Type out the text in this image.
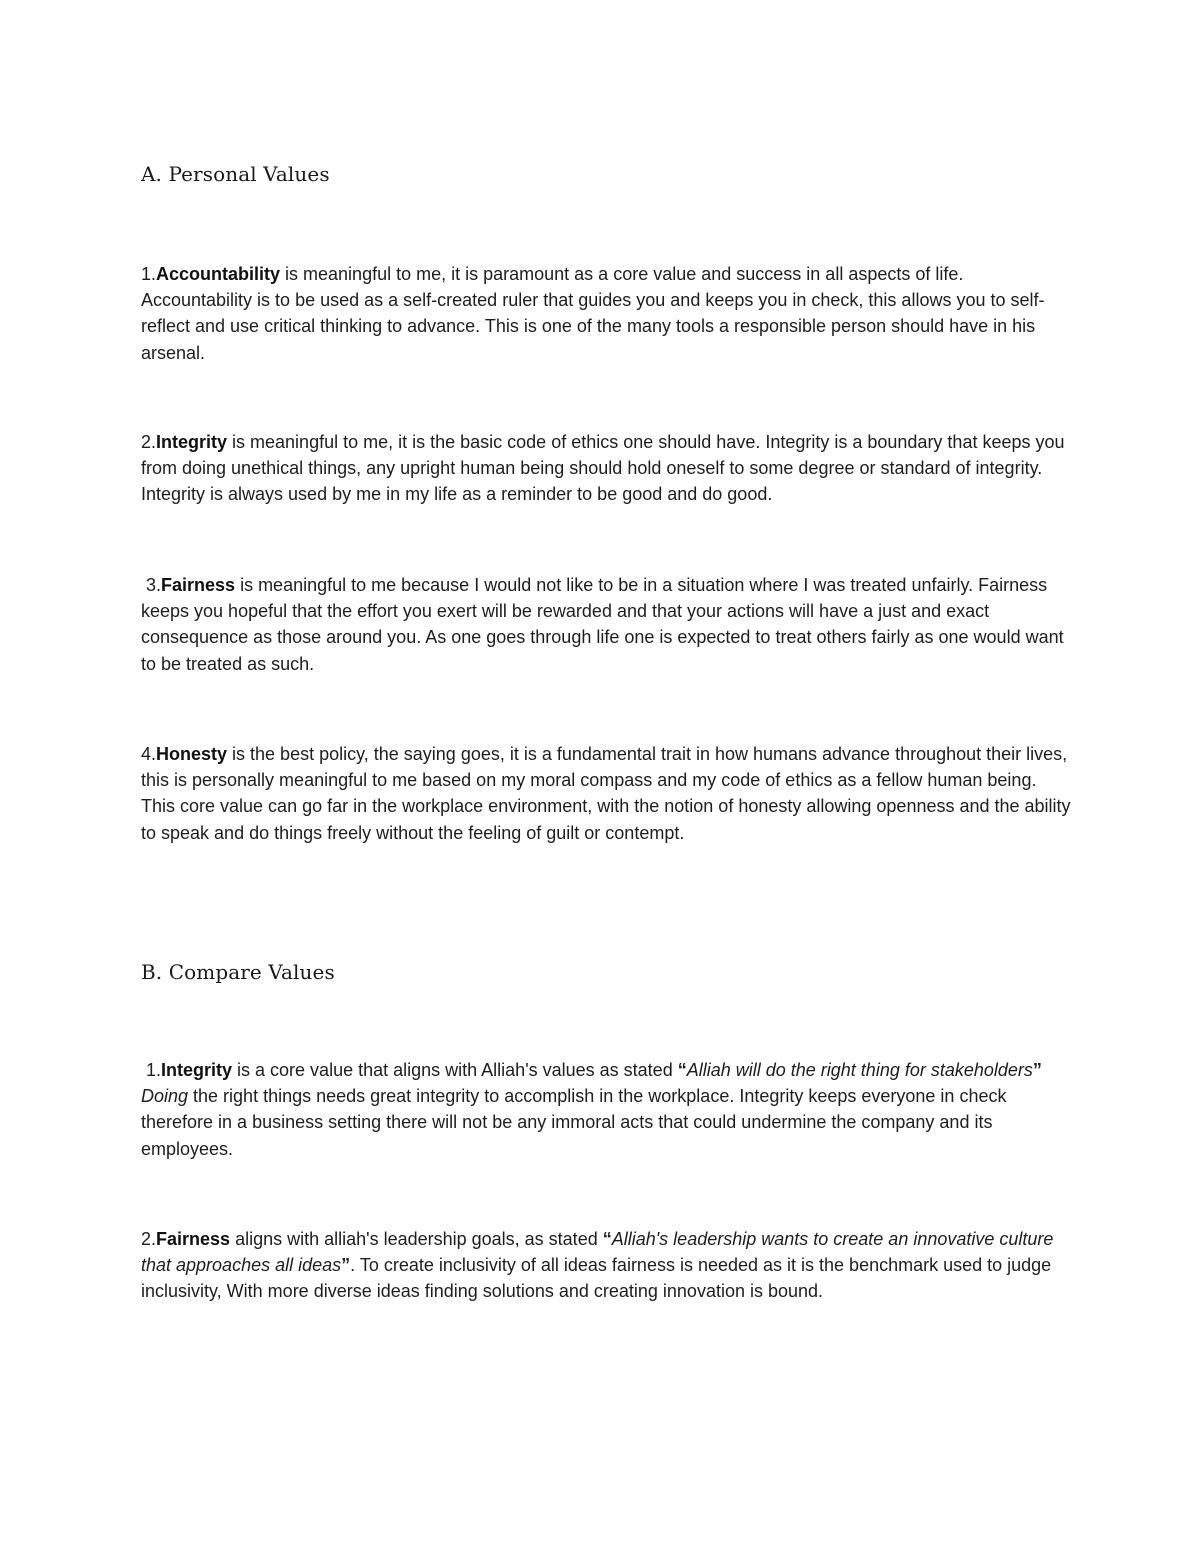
A. Personal Values

1.Accountability is meaningful to me, it is paramount as a core value and success in all aspects of life. Accountability is to be used as a self-created ruler that guides you and keeps you in check, this allows you to self-reflect and use critical thinking to advance. This is one of the many tools a responsible person should have in his arsenal.

2.Integrity is meaningful to me, it is the basic code of ethics one should have. Integrity is a boundary that keeps you from doing unethical things, any upright human being should hold oneself to some degree or standard of integrity. Integrity is always used by me in my life as a reminder to be good and do good.

3.Fairness is meaningful to me because I would not like to be in a situation where I was treated unfairly. Fairness keeps you hopeful that the effort you exert will be rewarded and that your actions will have a just and exact consequence as those around you. As one goes through life one is expected to treat others fairly as one would want to be treated as such.

4.Honesty is the best policy, the saying goes, it is a fundamental trait in how humans advance throughout their lives, this is personally meaningful to me based on my moral compass and my code of ethics as a fellow human being. This core value can go far in the workplace environment, with the notion of honesty allowing openness and the ability to speak and do things freely without the feeling of guilt or contempt.

B. Compare Values

1.Integrity is a core value that aligns with Alliah's values as stated “Alliah will do the right thing for stakeholders” Doing the right things needs great integrity to accomplish in the workplace. Integrity keeps everyone in check therefore in a business setting there will not be any immoral acts that could undermine the company and its employees.

2.Fairness aligns with alliah's leadership goals, as stated “Alliah's leadership wants to create an innovative culture that approaches all ideas”. To create inclusivity of all ideas fairness is needed as it is the benchmark used to judge inclusivity, With more diverse ideas finding solutions and creating innovation is bound.
